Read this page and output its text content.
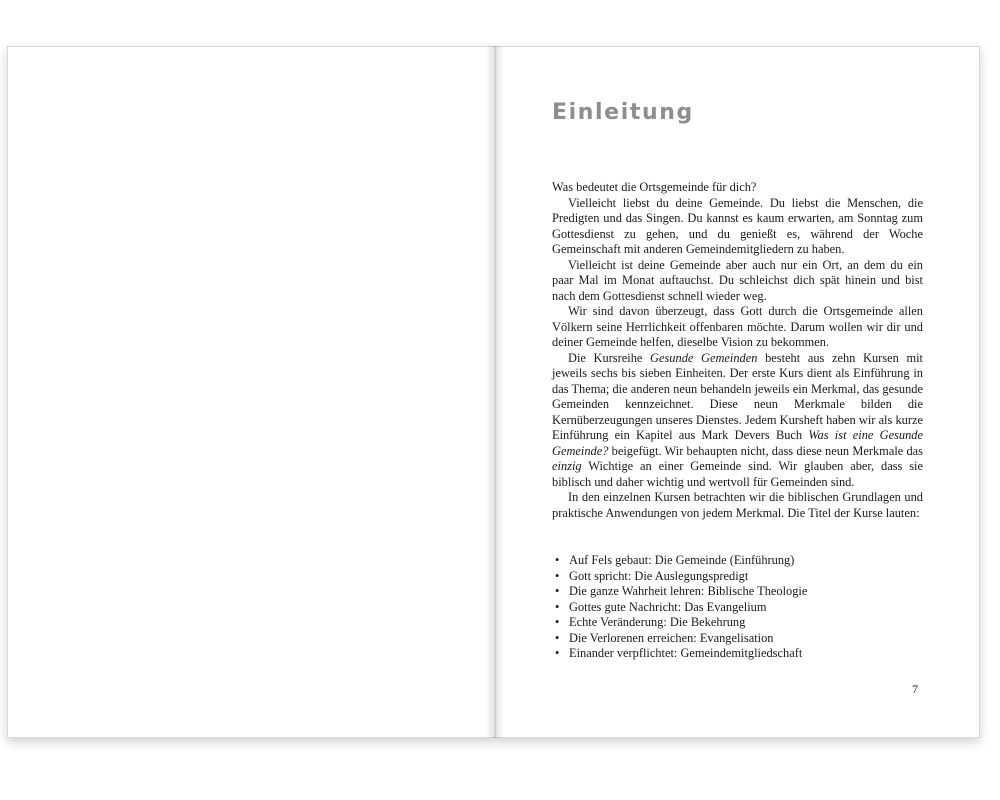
Einleitung

Was bedeutet die Ortsgemeinde für dich?

Vielleicht liebst du deine Gemeinde. Du liebst die Menschen, die Predigten und das Singen. Du kannst es kaum erwarten, am Sonntag zum Gottesdienst zu gehen, und du genießt es, während der Woche Gemeinschaft mit anderen Gemeindemitgliedern zu haben.

Vielleicht ist deine Gemeinde aber auch nur ein Ort, an dem du ein paar Mal im Monat auftauchst. Du schleichst dich spät hinein und bist nach dem Gottesdienst schnell wieder weg.

Wir sind davon überzeugt, dass Gott durch die Ortsgemeinde allen Völkern seine Herrlichkeit offenbaren möchte. Darum wollen wir dir und deiner Gemeinde helfen, dieselbe Vision zu bekommen.

Die Kursreihe Gesunde Gemeinden besteht aus zehn Kursen mit jeweils sechs bis sieben Einheiten. Der erste Kurs dient als Einführung in das Thema; die anderen neun behandeln jeweils ein Merkmal, das gesunde Gemeinden kennzeichnet. Diese neun Merkmale bilden die Kernüberzeugungen unseres Dienstes. Jedem Kursheft haben wir als kurze Einführung ein Kapitel aus Mark Devers Buch Was ist eine Gesunde Gemeinde? beigefügt. Wir behaupten nicht, dass diese neun Merkmale das einzig Wichtige an einer Gemeinde sind. Wir glauben aber, dass sie biblisch und daher wichtig und wertvoll für Gemeinden sind.

In den einzelnen Kursen betrachten wir die biblischen Grundlagen und praktische Anwendungen von jedem Merkmal. Die Titel der Kurse lauten:

• Auf Fels gebaut: Die Gemeinde (Einführung)
• Gott spricht: Die Auslegungspredigt
• Die ganze Wahrheit lehren: Biblische Theologie
• Gottes gute Nachricht: Das Evangelium
• Echte Veränderung: Die Bekehrung
• Die Verlorenen erreichen: Evangelisation
• Einander verpflichtet: Gemeindemitgliedschaft
7
